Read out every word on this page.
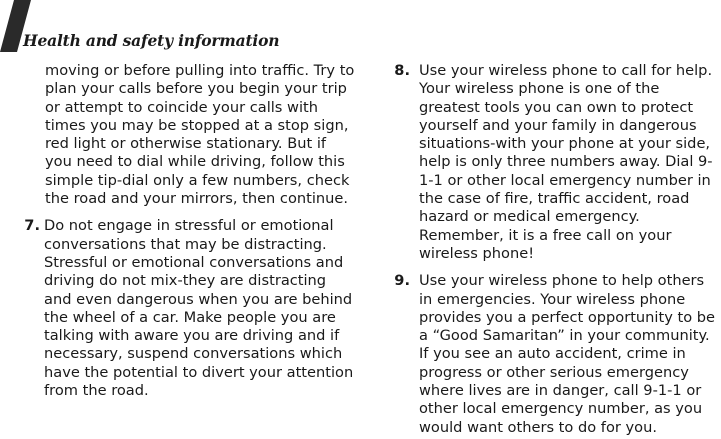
Health and safety information

moving or before pulling into traffic. Try to plan your calls before you begin your trip or attempt to coincide your calls with times you may be stopped at a stop sign, red light or otherwise stationary. But if you need to dial while driving, follow this simple tip-dial only a few numbers, check the road and your mirrors, then continue.

7. Do not engage in stressful or emotional conversations that may be distracting. Stressful or emotional conversations and driving do not mix-they are distracting and even dangerous when you are behind the wheel of a car. Make people you are talking with aware you are driving and if necessary, suspend conversations which have the potential to divert your attention from the road.
8. Use your wireless phone to call for help. Your wireless phone is one of the greatest tools you can own to protect yourself and your family in dangerous situations-with your phone at your side, help is only three numbers away. Dial 9-1-1 or other local emergency number in the case of fire, traffic accident, road hazard or medical emergency. Remember, it is a free call on your wireless phone!
9. Use your wireless phone to help others in emergencies. Your wireless phone provides you a perfect opportunity to be a “Good Samaritan” in your community. If you see an auto accident, crime in progress or other serious emergency where lives are in danger, call 9-1-1 or other local emergency number, as you would want others to do for you.
